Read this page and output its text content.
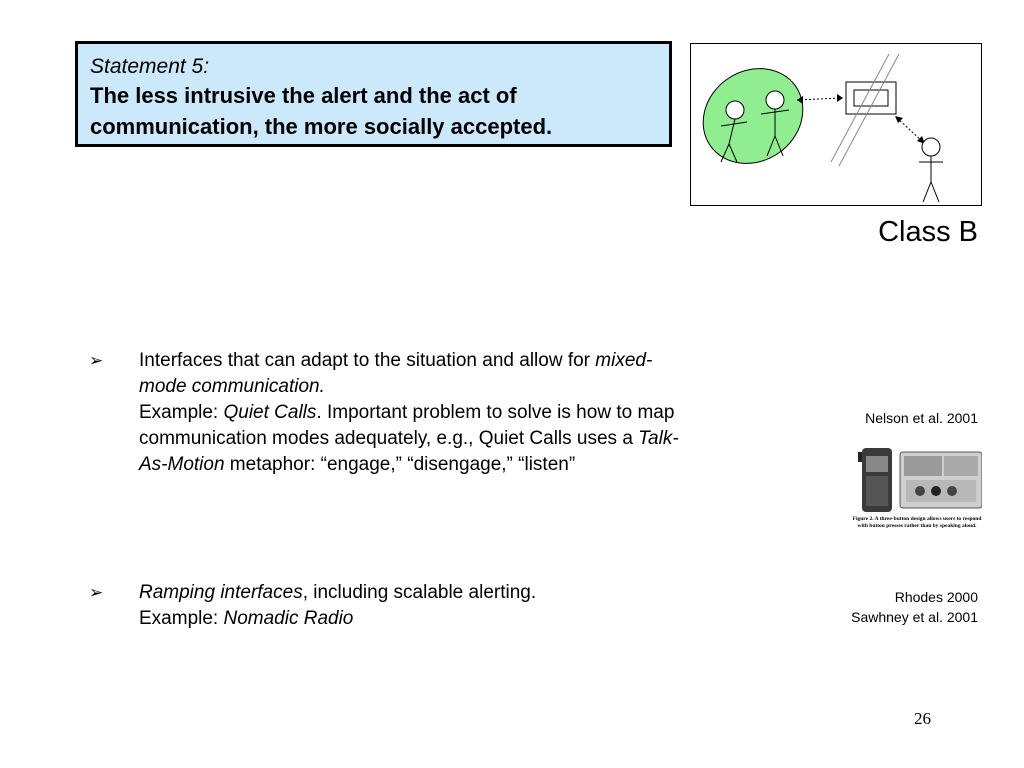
Statement 5:
The less intrusive the alert and the act of
communication, the more socially accepted.
Class B
➢ Interfaces that can adapt to the situation and allow for mixed-
mode communication.
Example: Quiet Calls. Important problem to solve is how to map
communication modes adequately, e.g., Quiet Calls uses a Talk-
As-Motion metaphor: “engage,” “disengage,” “listen”
➢ Ramping interfaces, including scalable alerting.
Example: Nomadic Radio
Nelson et al. 2001
Rhodes 2000
Sawhney et al. 2001
Figure 2. A three-button design allows users to respond with button presses rather than by speaking aloud.
26
